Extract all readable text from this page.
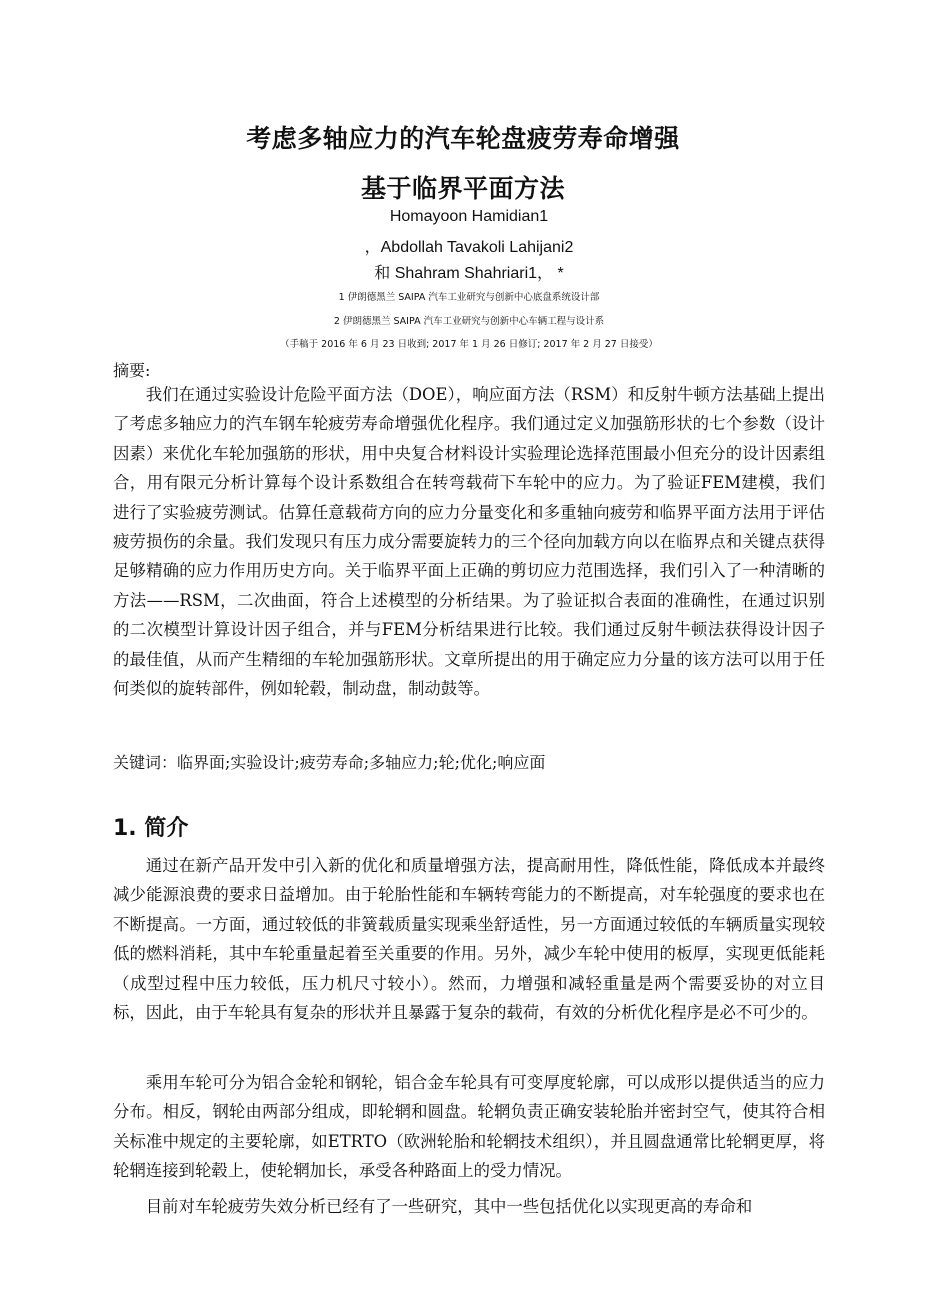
考虑多轴应力的汽车轮盘疲劳寿命增强
基于临界平面方法
Homayoon Hamidian1
，Abdollah Tavakoli Lahijani2
和 Shahram Shahriari1， *
1 伊朗德黑兰 SAIPA 汽车工业研究与创新中心底盘系统设计部
2 伊朗德黑兰 SAIPA 汽车工业研究与创新中心车辆工程与设计系
（手稿于 2016 年 6 月 23 日收到; 2017 年 1 月 26 日修订; 2017 年 2 月 27 日接受）
摘要:

我们在通过实验设计危险平面方法（DOE），响应面方法（RSM）和反射牛顿方法基础上提出了考虑多轴应力的汽车钢车轮疲劳寿命增强优化程序。我们通过定义加强筋形状的七个参数（设计因素）来优化车轮加强筋的形状，用中央复合材料设计实验理论选择范围最小但充分的设计因素组合，用有限元分析计算每个设计系数组合在转弯载荷下车轮中的应力。为了验证FEM建模，我们进行了实验疲劳测试。估算任意载荷方向的应力分量变化和多重轴向疲劳和临界平面方法用于评估疲劳损伤的余量。我们发现只有压力成分需要旋转力的三个径向加载方向以在临界点和关键点获得足够精确的应力作用历史方向。关于临界平面上正确的剪切应力范围选择，我们引入了一种清晰的方法——RSM，二次曲面，符合上述模型的分析结果。为了验证拟合表面的准确性，在通过识别的二次模型计算设计因子组合，并与FEM分析结果进行比较。我们通过反射牛顿法获得设计因子的最佳值，从而产生精细的车轮加强筋形状。文章所提出的用于确定应力分量的该方法可以用于任何类似的旋转部件，例如轮毂，制动盘，制动鼓等。

关键词：临界面;实验设计;疲劳寿命;多轴应力;轮;优化;响应面
1. 简介

通过在新产品开发中引入新的优化和质量增强方法，提高耐用性，降低性能，降低成本并最终减少能源浪费的要求日益增加。由于轮胎性能和车辆转弯能力的不断提高，对车轮强度的要求也在不断提高。一方面，通过较低的非簧载质量实现乘坐舒适性，另一方面通过较低的车辆质量实现较低的燃料消耗，其中车轮重量起着至关重要的作用。另外，减少车轮中使用的板厚，实现更低能耗（成型过程中压力较低，压力机尺寸较小）。然而，力增强和减轻重量是两个需要妥协的对立目标，因此，由于车轮具有复杂的形状并且暴露于复杂的载荷，有效的分析优化程序是必不可少的。

乘用车轮可分为铝合金轮和钢轮，铝合金车轮具有可变厚度轮廓，可以成形以提供适当的应力分布。相反，钢轮由两部分组成，即轮辋和圆盘。轮辋负责正确安装轮胎并密封空气，使其符合相关标准中规定的主要轮廓，如ETRTO（欧洲轮胎和轮辋技术组织），并且圆盘通常比轮辋更厚，将轮辋连接到轮毂上，使轮辋加长，承受各种路面上的受力情况。

目前对车轮疲劳失效分析已经有了一些研究，其中一些包括优化以实现更高的寿命和
